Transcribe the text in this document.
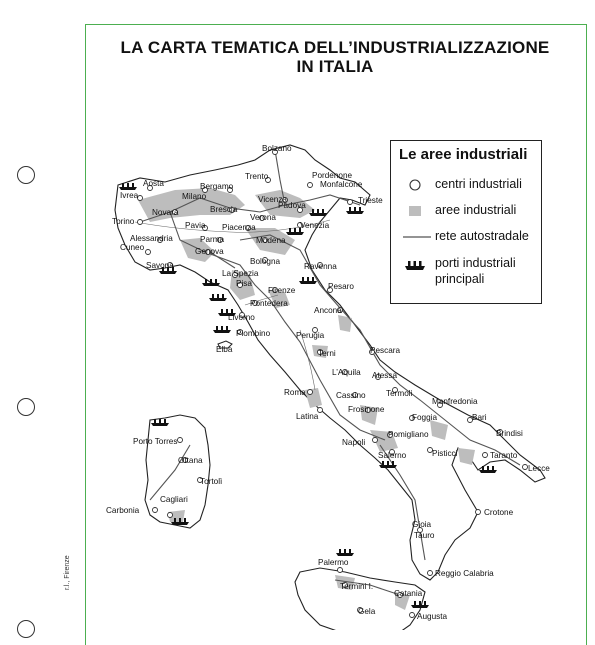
LA CARTA TEMATICA DELL’INDUSTRIALIZZAZIONE
IN ITALIA
r.l., Firenze
Bolzano
Aosta
Trento	Pordenone
Monfalcone
Ivrea
Bergamo
Milano	Trieste
Vicenza
Novara	Brescia	Padova
Torino	Verona
Venezia
Pavia Piacenza
Alessandria	Parma	Modena
Cuneo	Genova
Bologna
Savona	Ravenna
La Spezia
Pisa
Firenze	Pesaro
Pontedera
Livorno
Ancona
Piombino	Perugia
Elba	Terni	Pescara
L’Aquila Atessa
Roma	Cassino Termoli
Manfredonia
Latina
Frosinone
Foggia	Bari
Porto Torres	Napoli
Pomigliano	Brindisi
Ottana
Salerno	Pisticci	Taranto
Tortolì
Lecce
Cagliari
Carbonia	Crotone
Gioia
Tauro
Palermo
Reggio Calabria
Termini I.
Catania
Gela
Augusta
Le aree industriali
centri industriali
aree industriali
rete autostradale
porti industriali
principali
